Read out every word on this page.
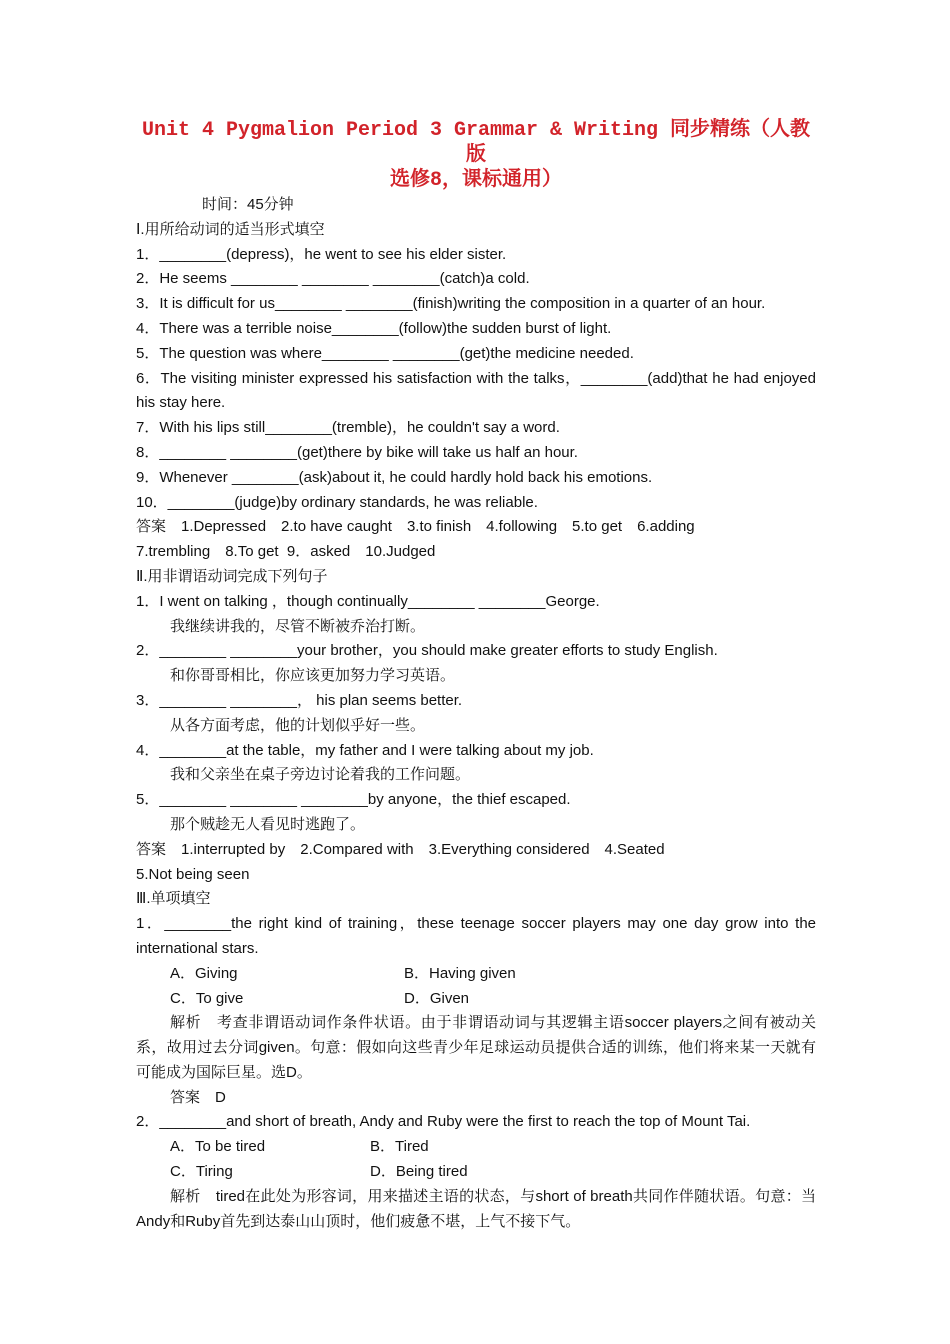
Unit 4 Pygmalion Period 3 Grammar & Writing 同步精练（人教版
选修8，课标通用）

时间：45分钟

Ⅰ.用所给动词的适当形式填空

1．________(depress)，he went to see his elder sister.

2．He seems ________ ________ ________(catch)a cold.

3．It is difficult for us________ ________(finish)writing the composition in a quarter of an hour.

4．There was a terrible noise________(follow)the sudden burst of light.

5．The question was where________ ________(get)the medicine needed.

6．The visiting minister expressed his satisfaction with the talks，________(add)that he had enjoyed his stay here.

7．With his lips still________(tremble)，he couldn't say a word.

8．________ ________(get)there by bike will take us half an hour.

9．Whenever ________(ask)about it, he could hardly hold back his emotions.

10．________(judge)by ordinary standards, he was reliable.

答案　1.Depressed　2.to have caught　3.to finish　4.following　5.to get　6.adding

7.trembling　8.To get  9．asked　10.Judged

Ⅱ.用非谓语动词完成下列句子

1．I went on talking ，though continually________ ________George.

我继续讲我的，尽管不断被乔治打断。

2．________ ________your brother，you should make greater efforts to study English.

和你哥哥相比，你应该更加努力学习英语。

3．________ ________， his plan seems better.

从各方面考虑，他的计划似乎好一些。

4．________at the table，my father and I were talking about my job.

我和父亲坐在桌子旁边讨论着我的工作问题。

5．________ ________ ________by anyone，the thief escaped.

那个贼趁无人看见时逃跑了。

答案　1.interrupted by　2.Compared with　3.Everything considered　4.Seated

5.Not being seen

Ⅲ.单项填空

1．________the right kind of training，these teenage soccer players may one day grow into the international stars.

A．Giving	B．Having given
C．To give	D．Given

解析　考查非谓语动词作条件状语。由于非谓语动词与其逻辑主语soccer players之间有被动关系，故用过去分词given。句意：假如向这些青少年足球运动员提供合适的训练，他们将来某一天就有可能成为国际巨星。选D。

答案　D

2．________and short of breath, Andy and Ruby were the first to reach the top of Mount Tai.

A．To be tired	B．Tired
C．Tiring	D．Being tired

解析　tired在此处为形容词，用来描述主语的状态，与short of breath共同作伴随状语。句意：当Andy和Ruby首先到达泰山山顶时，他们疲惫不堪，上气不接下气。
